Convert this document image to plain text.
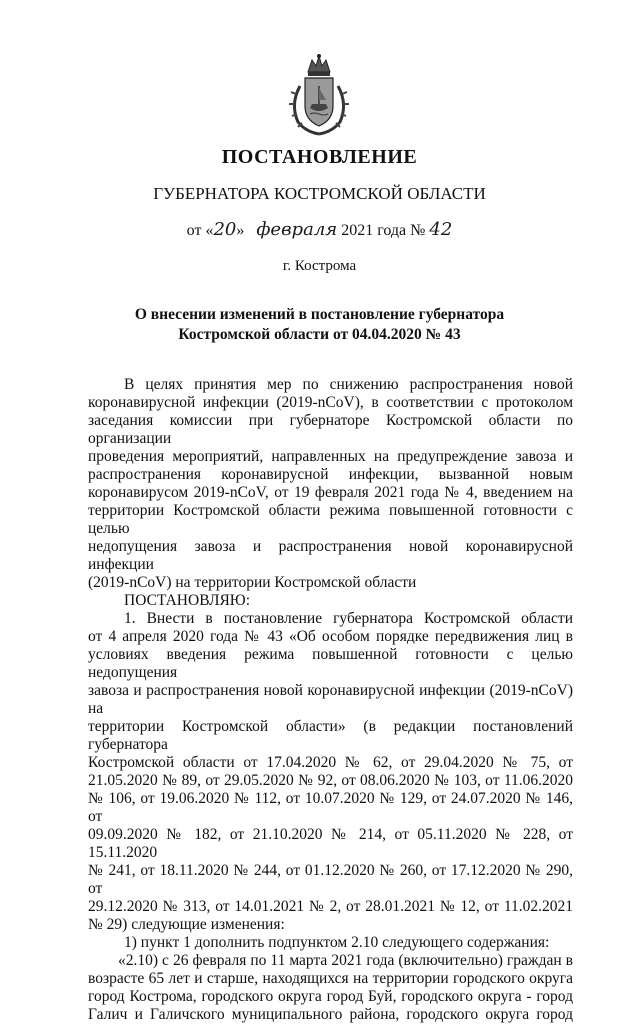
ПОСТАНОВЛЕНИЕ
ГУБЕРНАТОРА КОСТРОМСКОЙ ОБЛАСТИ
от «20» февраля 2021 года № 42
г. Кострома
О внесении изменений в постановление губернатора
Костромской области от 04.04.2020 № 43

В целях принятия мер по снижению распространения новой

коронавирусной инфекции (2019-nCoV), в соответствии с протоколом

заседания комиссии при губернаторе Костромской области по организации

проведения мероприятий, направленных на предупреждение завоза и

распространения коронавирусной инфекции, вызванной новым

коронавирусом 2019-nCoV, от 19 февраля 2021 года № 4, введением на

территории Костромской области режима повышенной готовности с целью

недопущения завоза и распространения новой коронавирусной инфекции

(2019-nCoV) на территории Костромской области

ПОСТАНОВЛЯЮ:

1. Внести в постановление губернатора Костромской области

от 4 апреля 2020 года № 43 «Об особом порядке передвижения лиц в

условиях введения режима повышенной готовности с целью недопущения

завоза и распространения новой коронавирусной инфекции (2019-nCoV) на

территории Костромской области» (в редакции постановлений губернатора

Костромской области от 17.04.2020 № 62, от 29.04.2020 № 75, от

21.05.2020 № 89, от 29.05.2020 № 92, от 08.06.2020 № 103, от 11.06.2020

№ 106, от 19.06.2020 № 112, от 10.07.2020 № 129, от 24.07.2020 № 146, от

09.09.2020 № 182, от 21.10.2020 № 214, от 05.11.2020 № 228, от 15.11.2020

№ 241, от 18.11.2020 № 244, от 01.12.2020 № 260, от 17.12.2020 № 290, от

29.12.2020 № 313, от 14.01.2021 № 2, от 28.01.2021 № 12, от 11.02.2021

№ 29) следующие изменения:

1) пункт 1 дополнить подпунктом 2.10 следующего содержания:

«2.10) с 26 февраля по 11 марта 2021 года (включительно) граждан в

возрасте 65 лет и старше, находящихся на территории городского округа

город Кострома, городского округа город Буй, городского округа - город

Галич и Галичского муниципального района, городского округа город
